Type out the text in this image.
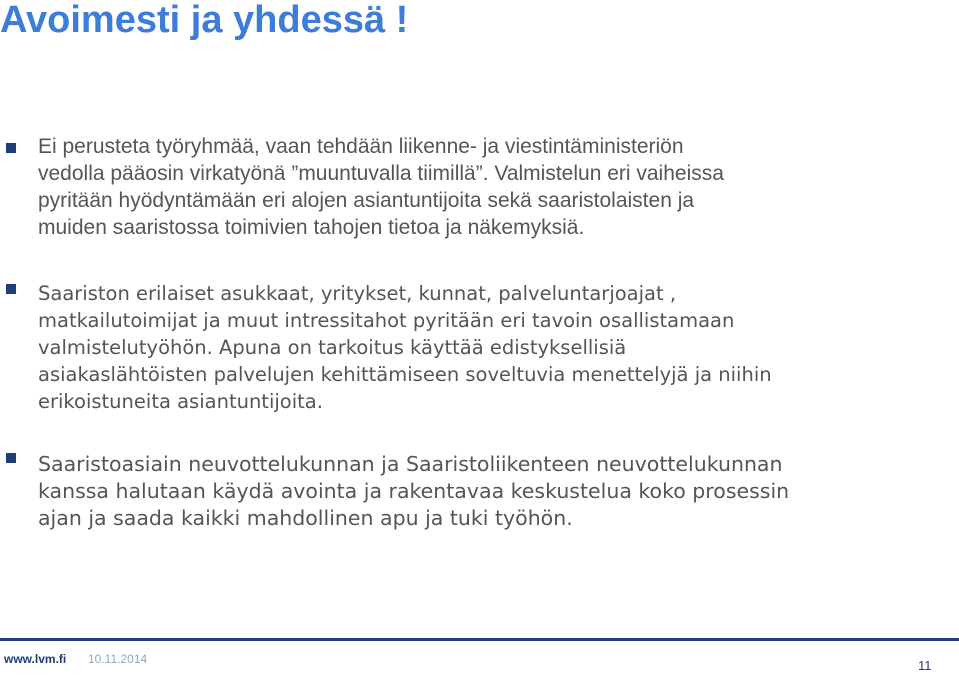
Avoimesti ja yhdessä !

Ei perusteta työryhmää, vaan tehdään liikenne- ja viestintäministeriön
vedolla pääosin virkatyönä ”muuntuvalla tiimillä”. Valmistelun eri vaiheissa
pyritään hyödyntämään eri alojen asiantuntijoita sekä saaristolaisten ja
muiden saaristossa toimivien tahojen tietoa ja näkemyksiä.

Saariston erilaiset asukkaat, yritykset, kunnat, palveluntarjoajat ,
matkailutoimijat ja muut intressitahot pyritään eri tavoin osallistamaan
valmistelutyöhön. Apuna on tarkoitus käyttää edistyksellisiä
asiakaslähtöisten palvelujen kehittämiseen soveltuvia menettelyjä ja niihin
erikoistuneita asiantuntijoita.

Saaristoasiain neuvottelukunnan ja Saaristoliikenteen neuvottelukunnan
kanssa halutaan käydä avointa ja rakentavaa keskustelua koko prosessin
ajan ja saada kaikki mahdollinen apu ja tuki työhön.

www.lvm.fi 10.11.2014	11
